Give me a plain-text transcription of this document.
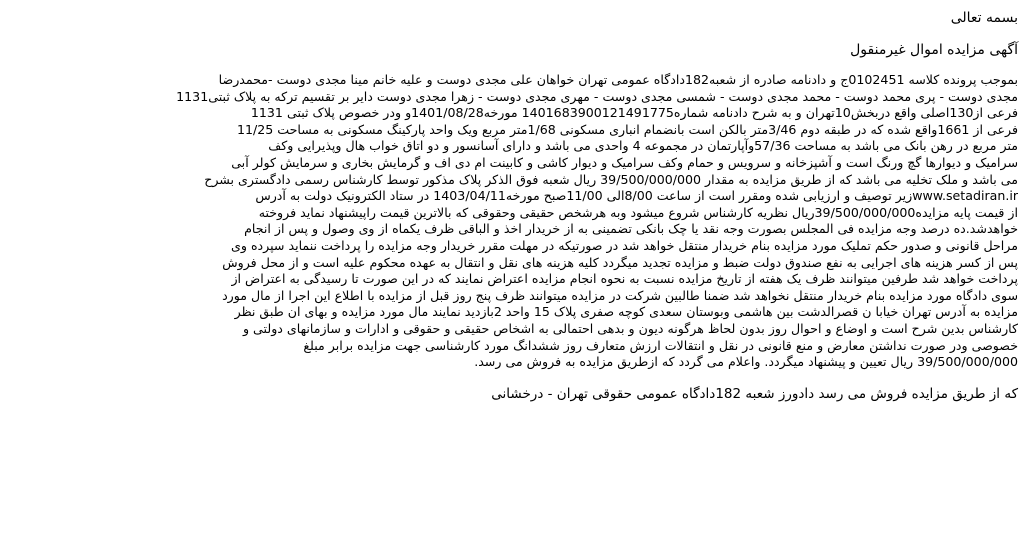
بسمه تعالی
آگهی مزایده اموال غیرمنقول
بموجب پرونده کلاسه 0102451ج و دادنامه صادره از شعبه182دادگاه عمومی تهران خواهان علی مجدی دوست و علیه خانم مینا مجدی دوست -محمدرضا
مجدی دوست - پری محمد دوست - محمد مجدی دوست - شمسی مجدی دوست - مهری مجدی دوست - زهرا مجدی دوست دایر بر تقسیم ترکه به پلاک ثبتی1131
فرعی از130اصلی واقع دربخش10تهران و به شرح دادنامه شماره140168390012149177‌5 مورخه1401/08/28و ودر خصوص پلاک ثبتی 1131
فرعی از 1661واقع شده که در طبقه دوم 3/46متر بالکن است بانضمام انباری مسکونی 1/68متر مربع ویک واحد پارکینگ مسکونی به مساحت 11/25
متر مربع در رهن بانک می باشد به مساحت 57/36وآپارتمان در مجموعه 4 واحدی می باشد و دارای آسانسور و دو اتاق خواب هال وپذیرایی وکف
سرامیک و دیوارها گچ ورنگ است و آشپزخانه و سرویس و حمام وکف سرامیک و دیوار کاشی و کابینت ام دی اف و گرمایش بخاری و سرمایش کولر آبی
می باشد و ملک تخلیه می باشد که از طریق مزایده به مقدار 39/500/000/000 ریال شعبه فوق الذکر پلاک مذکور توسط کارشناس رسمی دادگستری بشرح
www.setadiran.irزیر توصیف و ارزیابی شده ومقرر است از ساعت 8/00الی 11/00صبح مورخه1403/04/11 در ستاد الکترونیک دولت به آدرس
از قیمت پایه مزایده39/500/000/000ریال نظریه کارشناس شروع میشود وبه هرشخص حقیقی وحقوقی که بالاترین قیمت راپیشنهاد نماید فروخته
خواهدشد.ده درصد وجه مزایده فی المجلس بصورت وجه نقد یا چک بانکی تضمینی به از خریدار اخذ و الباقی ظرف یکماه از وی وصول و پس از انجام
مراحل قانونی و صدور حکم تملیک مورد مزایده بنام خریدار منتقل خواهد شد در صورتیکه در مهلت مقرر خریدار وجه مزایده را پرداخت ننماید سپرده وی
پس از کسر هزینه های اجرایی به نفع صندوق دولت ضبط و مزایده تجدید میگردد کلیه هزینه های نقل و انتقال به عهده محکوم علیه است و از محل فروش
پرداخت خواهد شد طرفین میتوانند ظرف یک هفته از تاریخ مزایده نسبت به نحوه انجام مزایده اعتراض نمایند که در این صورت تا رسیدگی به اعتراض از
سوی دادگاه مورد مزایده بنام خریدار منتقل نخواهد شد ضمنا طالبین شرکت در مزایده میتوانند ظرف پنج روز قبل از مزایده با اطلاع این اجرا از مال مورد
مزایده به آدرس تهران خیابا ن قصرالدشت بین هاشمی وبوستان سعدی کوچه صفری پلاک 15 واحد 2بازدید نمایند مال مورد مزایده و بهای ان طبق نظر
کارشناس بدین شرح است و اوضاع و احوال روز بدون لحاظ هرگونه دیون و بدهی احتمالی به اشخاص حقیقی و حقوقی و ادارات و سازمانهای دولتی و
خصوصی ودر صورت نداشتن معارض و منع قانونی در نقل و انتقالات ارزش متعارف روز ششدانگ مورد کارشناسی جهت مزایده برابر مبلغ
39/500/000/000 ریال تعیین و پیشنهاد میگردد. واعلام می گردد که ازطریق مزایده به فروش می رسد.
که از طریق مزایده فروش می رسد دادورز شعبه 182دادگاه عمومی حقوقی تهران - درخشانی
